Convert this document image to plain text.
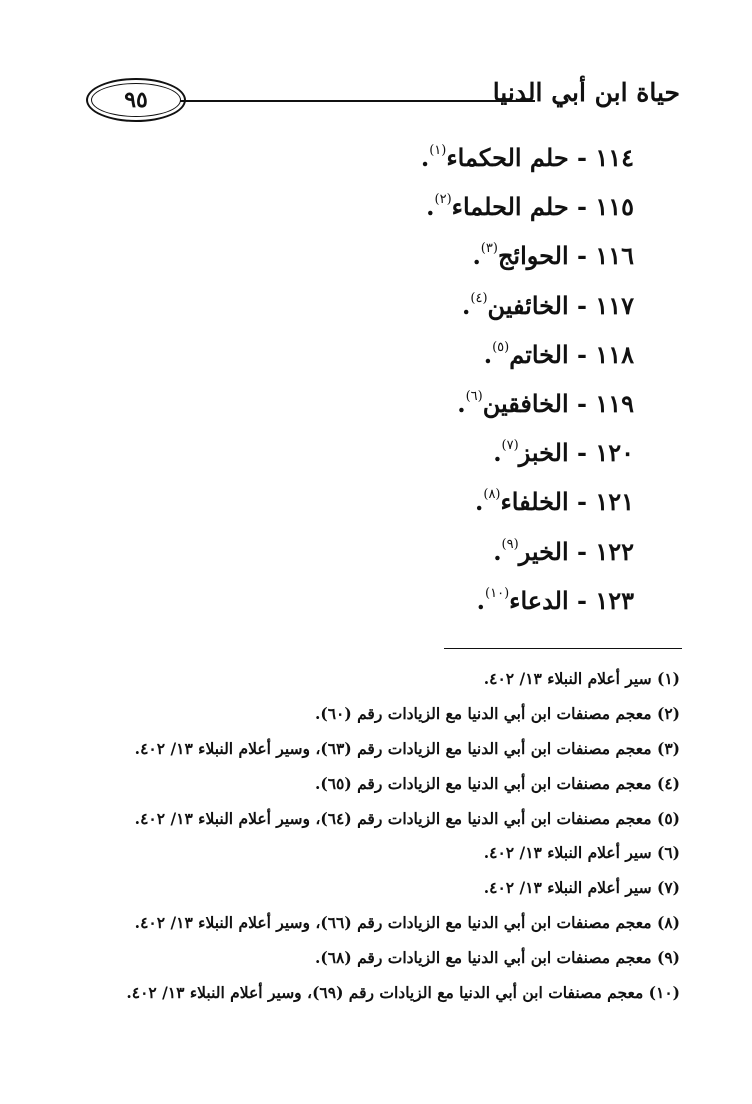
حياة ابن أبي الدنيا
٩٥
١١٤ - حلم الحكماء$^{(١)}$.
١١٥ - حلم الحلماء$^{(٢)}$.
١١٦ - الحوائج$^{(٣)}$.
١١٧ - الخائفين$^{(٤)}$.
١١٨ - الخاتم$^{(٥)}$.
١١٩ - الخافقين$^{(٦)}$.
١٢٠ - الخبز$^{(٧)}$.
١٢١ - الخلفاء$^{(٨)}$.
١٢٢ - الخير$^{(٩)}$.
١٢٣ - الدعاء$^{(١٠)}$.
(١) سير أعلام النبلاء ١٣/ ٤٠٢.
(٢) معجم مصنفات ابن أبي الدنيا مع الزيادات رقم (٦٠).
(٣) معجم مصنفات ابن أبي الدنيا مع الزيادات رقم (٦٣)، وسير أعلام النبلاء ١٣/ ٤٠٢.
(٤) معجم مصنفات ابن أبي الدنيا مع الزيادات رقم (٦٥).
(٥) معجم مصنفات ابن أبي الدنيا مع الزيادات رقم (٦٤)، وسير أعلام النبلاء ١٣/ ٤٠٢.
(٦) سير أعلام النبلاء ١٣/ ٤٠٢.
(٧) سير أعلام النبلاء ١٣/ ٤٠٢.
(٨) معجم مصنفات ابن أبي الدنيا مع الزيادات رقم (٦٦)، وسير أعلام النبلاء ١٣/ ٤٠٢.
(٩) معجم مصنفات ابن أبي الدنيا مع الزيادات رقم (٦٨).
(١٠) معجم مصنفات ابن أبي الدنيا مع الزيادات رقم (٦٩)، وسير أعلام النبلاء ١٣/ ٤٠٢.
